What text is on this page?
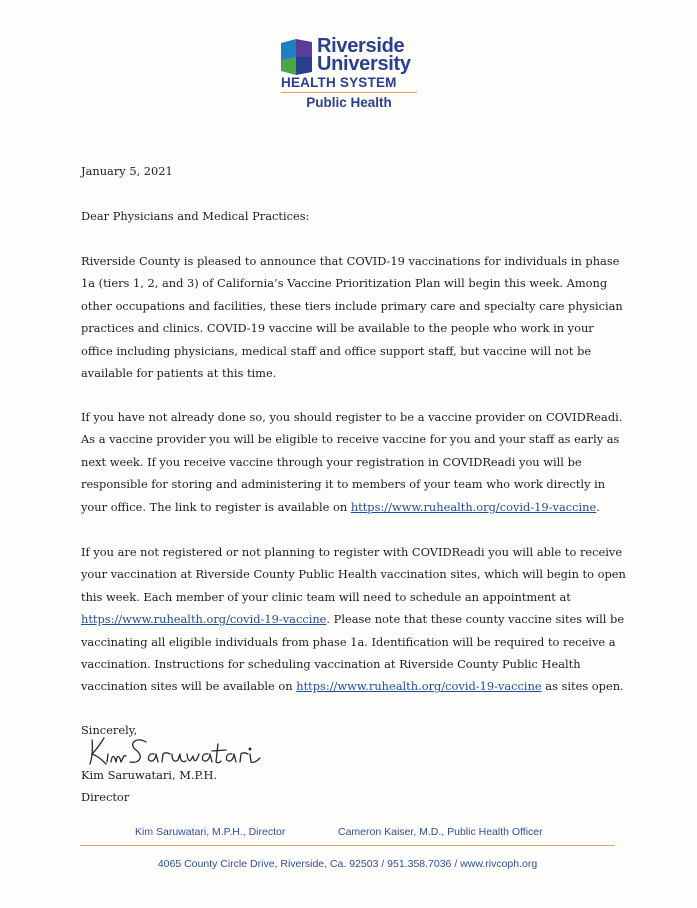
Riverside
University
HEALTH SYSTEM
Public Health
January 5, 2021
Dear Physicians and Medical Practices:

Riverside County is pleased to announce that COVID-19 vaccinations for individuals in phase 1a (tiers 1, 2, and 3) of California’s Vaccine Prioritization Plan will begin this week. Among other occupations and facilities, these tiers include primary care and specialty care physician practices and clinics. COVID-19 vaccine will be available to the people who work in your office including physicians, medical staff and office support staff, but vaccine will not be available for patients at this time.

If you have not already done so, you should register to be a vaccine provider on COVIDReadi. As a vaccine provider you will be eligible to receive vaccine for you and your staff as early as next week. If you receive vaccine through your registration in COVIDReadi you will be responsible for storing and administering it to members of your team who work directly in your office. The link to register is available on https://www.ruhealth.org/covid-19-vaccine.

If you are not registered or not planning to register with COVIDReadi you will able to receive your vaccination at Riverside County Public Health vaccination sites, which will begin to open this week. Each member of your clinic team will need to schedule an appointment at https://www.ruhealth.org/covid-19-vaccine. Please note that these county vaccine sites will be vaccinating all eligible individuals from phase 1a. Identification will be required to receive a vaccination. Instructions for scheduling vaccination at Riverside County Public Health vaccination sites will be available on https://www.ruhealth.org/covid-19-vaccine as sites open.

Sincerely,
Kim Saruwatari, M.P.H.
Director
Kim Saruwatari, M.P.H., Director	Cameron Kaiser, M.D., Public Health Officer
4065 County Circle Drive, Riverside, Ca. 92503 / 951.358.7036 / www.rivcoph.org
